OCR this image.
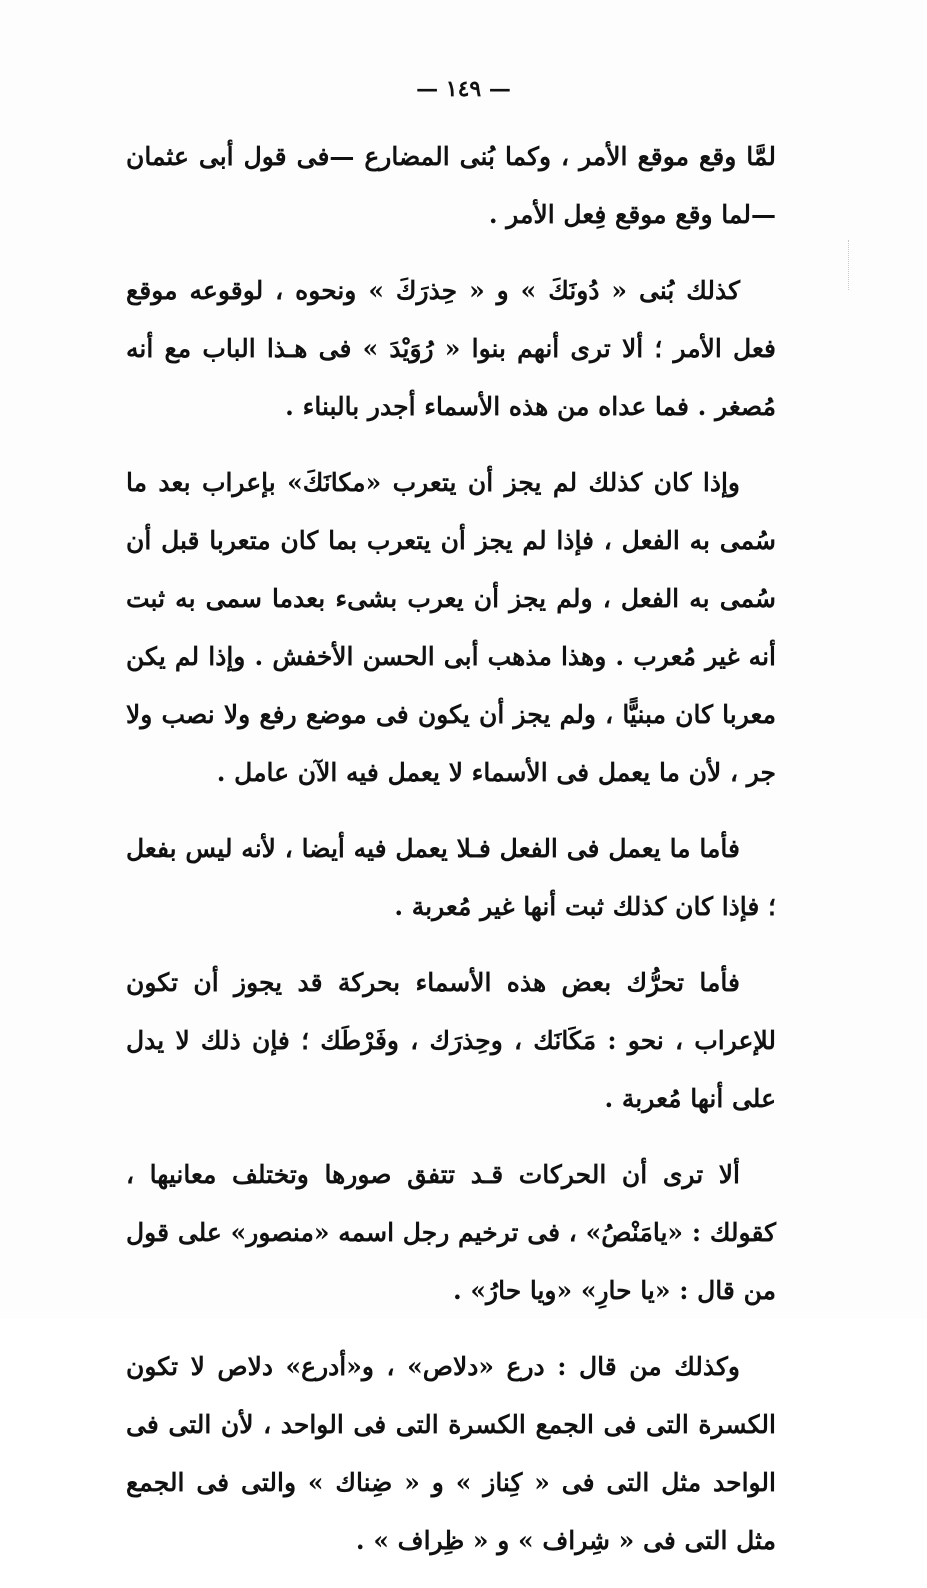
— ١٤٩ —

لمَّا وقع موقع الأمر ، وكما بُنى المضارع —فى قول أبى عثمان —لما وقع موقع فِعل الأمر .

كذلك بُنى « دُونَكَ » و « حِذرَكَ » ونحوه ، لوقوعه موقع فعل الأمر ؛ ألا ترى أنهم بنوا « رُوَيْدَ » فى هـذا الباب مع أنه مُصغر . فما عداه من هذه الأسماء أجدر بالبناء .

وإذا كان كذلك لم يجز أن يتعرب «مكانَكَ» بإعراب بعد ما سُمى به الفعل ، فإذا لم يجز أن يتعرب بما كان متعربا قبل أن سُمى به الفعل ، ولم يجز أن يعرب بشىء بعدما سمى به ثبت أنه غير مُعرب . وهذا مذهب أبى الحسن الأخفش . وإذا لم يكن معربا كان مبنيًّا ، ولم يجز أن يكون فى موضع رفع ولا نصب ولا جر ، لأن ما يعمل فى الأسماء لا يعمل فيه الآن عامل .

فأما ما يعمل فى الفعل فـلا يعمل فيه أيضا ، لأنه ليس بفعل ؛ فإذا كان كذلك ثبت أنها غير مُعربة .

فأما تحرُّك بعض هذه الأسماء بحركة قد يجوز أن تكون للإعراب ، نحو : مَكَانَك ، وحِذرَك ، وفَرْطَك ؛ فإن ذلك لا يدل على أنها مُعربة .

ألا ترى أن الحركات قـد تتفق صورها وتختلف معانيها ، كقولك : «يامَنْصُ» ، فى ترخيم رجل اسمه «منصور» على قول من قال : «يا حارِ» «ويا حارُ» .

وكذلك من قال : درع «دلاص» ، و«أدرع» دلاص لا تكون الكسرة التى فى الجمع الكسرة التى فى الواحد ، لأن التى فى الواحد مثل التى فى « كِناز » و « ضِناك » والتى فى الجمع مثل التى فى « شِراف » و « ظِراف » .
